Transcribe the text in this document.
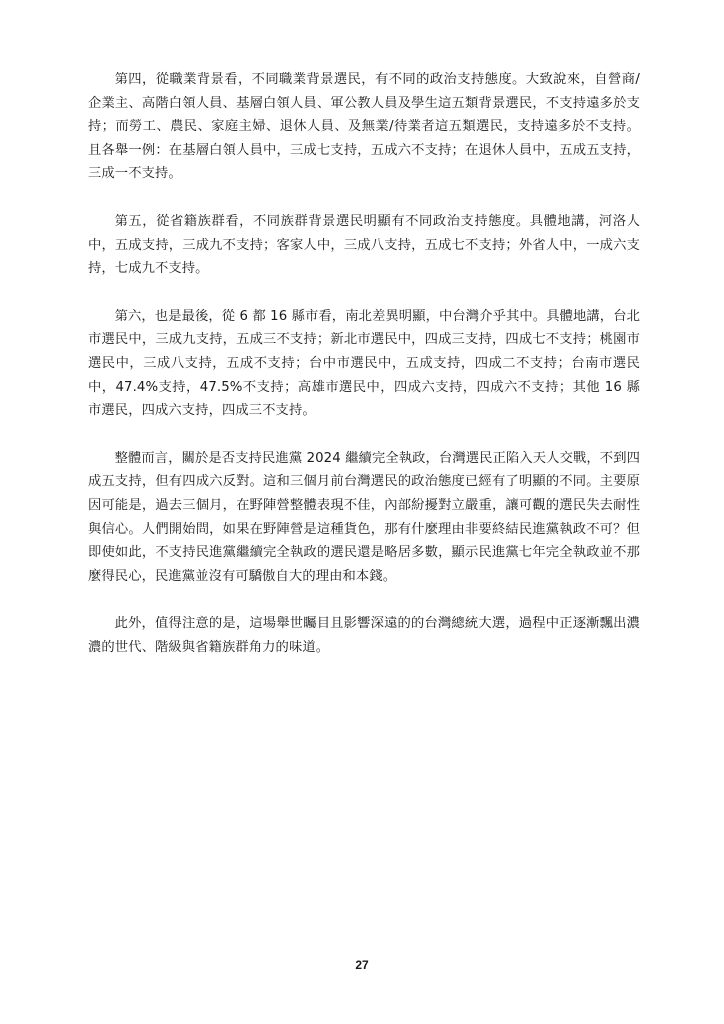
第四，從職業背景看，不同職業背景選民，有不同的政治支持態度。大致說來，自營商/企業主、高階白領人員、基層白領人員、軍公教人員及學生這五類背景選民，不支持遠多於支持；而勞工、農民、家庭主婦、退休人員、及無業/待業者這五類選民，支持遠多於不支持。且各舉一例：在基層白領人員中，三成七支持，五成六不支持；在退休人員中，五成五支持，三成一不支持。

第五，從省籍族群看，不同族群背景選民明顯有不同政治支持態度。具體地講，河洛人中，五成支持，三成九不支持；客家人中，三成八支持，五成七不支持；外省人中，一成六支持，七成九不支持。

第六，也是最後，從 6 都 16 縣市看，南北差異明顯，中台灣介乎其中。具體地講，台北市選民中，三成九支持，五成三不支持；新北市選民中，四成三支持，四成七不支持；桃園市選民中，三成八支持，五成不支持；台中市選民中，五成支持，四成二不支持；台南市選民中，47.4%支持，47.5%不支持；高雄市選民中，四成六支持，四成六不支持；其他 16 縣市選民，四成六支持，四成三不支持。

整體而言，關於是否支持民進黨 2024 繼續完全執政，台灣選民正陷入天人交戰，不到四成五支持，但有四成六反對。這和三個月前台灣選民的政治態度已經有了明顯的不同。主要原因可能是，過去三個月，在野陣營整體表現不佳，內部紛擾對立嚴重，讓可觀的選民失去耐性與信心。人們開始問，如果在野陣營是這種貨色，那有什麼理由非要終結民進黨執政不可？但即使如此，不支持民進黨繼續完全執政的選民還是略居多數，顯示民進黨七年完全執政並不那麼得民心，民進黨並沒有可驕傲自大的理由和本錢。

此外，值得注意的是，這場舉世矚目且影響深遠的的台灣總統大選，過程中正逐漸飄出濃濃的世代、階級與省籍族群角力的味道。

27
